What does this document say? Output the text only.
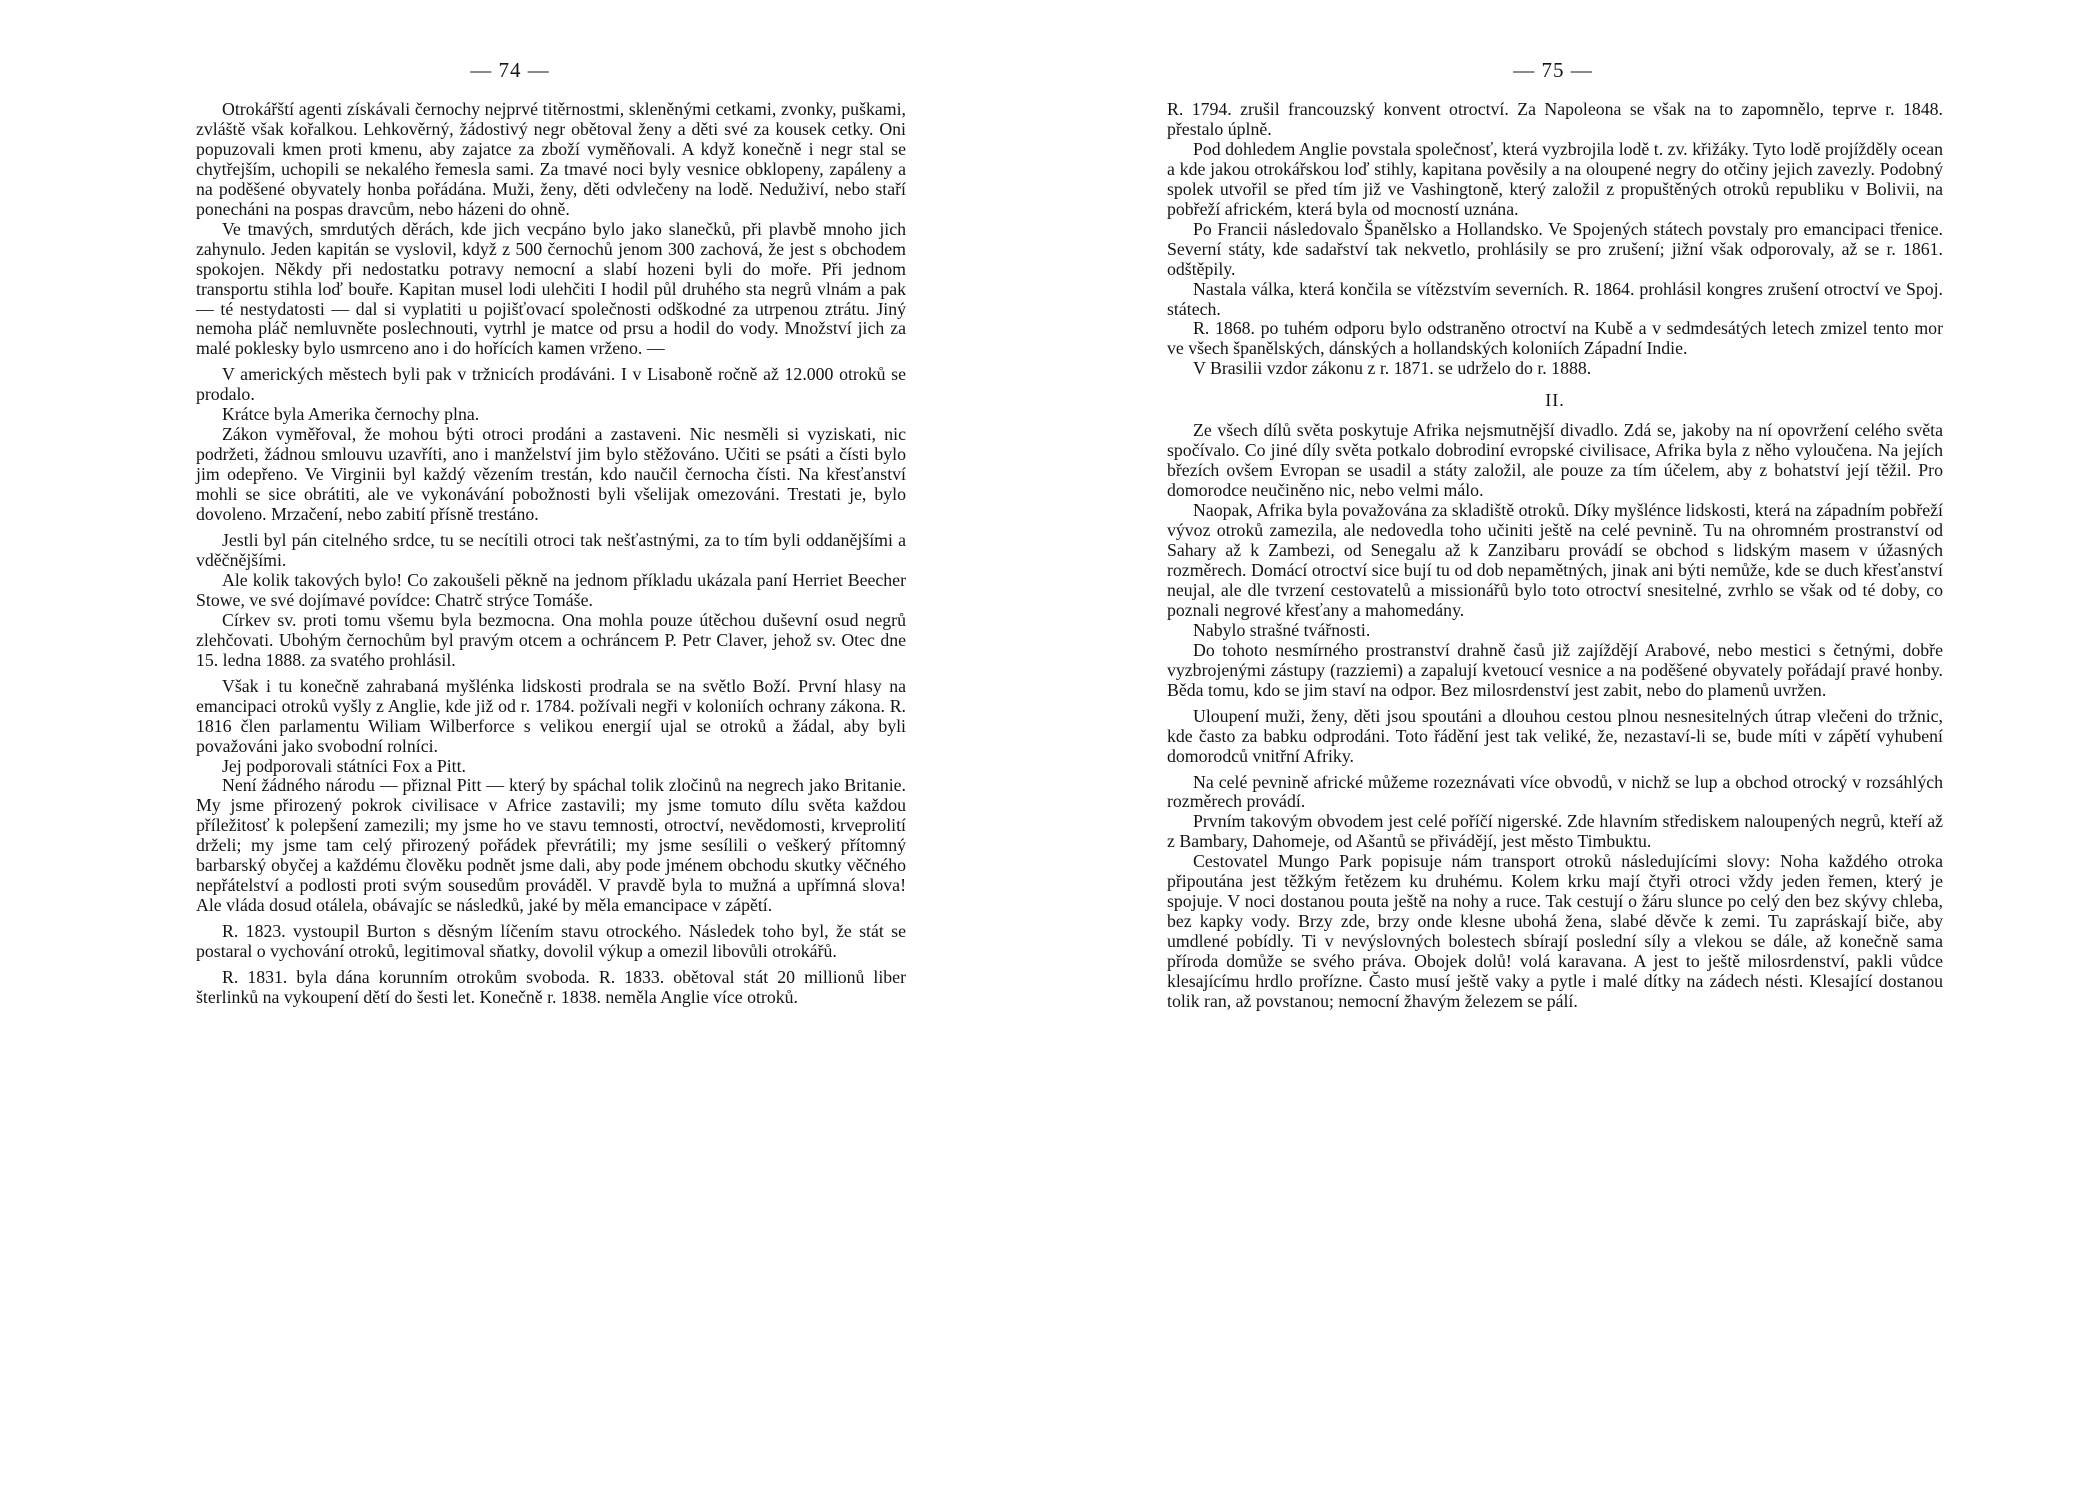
— 74 —

Otrokářští agenti získávali černochy nejprvé titěrnostmi, skleněnými cetkami, zvonky, puškami, zvláště však kořalkou. Lehkověrný, žádostivý negr obětoval ženy a děti své za kousek cetky. Oni popuzovali kmen proti kmenu, aby zajatce za zboží vyměňovali. A když konečně i negr stal se chytřejším, uchopili se nekalého řemesla sami. Za tmavé noci byly vesnice obklopeny, zapáleny a na poděšené obyvately honba pořádána. Muži, ženy, děti odvlečeny na lodě. Neduživí, nebo staří ponecháni na pospas dravcům, nebo házeni do ohně.

Ve tmavých, smrdutých děrách, kde jich vecpáno bylo jako slanečků, při plavbě mnoho jich zahynulo. Jeden kapitán se vyslovil, když z 500 černochů jenom 300 zachová, že jest s obchodem spokojen. Někdy při nedostatku potravy nemocní a slabí hozeni byli do moře. Při jednom transportu stihla loď bouře. Kapitan musel lodi ulehčiti I hodil půl druhého sta negrů vlnám a pak — té nestydatosti — dal si vyplatiti u pojišťovací společnosti odškodné za utrpenou ztrátu. Jiný nemoha pláč nemluvněte poslechnouti, vytrhl je matce od prsu a hodil do vody. Množství jich za malé poklesky bylo usmrceno ano i do hořících kamen vrženo. —

V amerických městech byli pak v tržnicích prodáváni. I v Lisaboně ročně až 12.000 otroků se prodalo.

Krátce byla Amerika černochy plna.

Zákon vyměřoval, že mohou býti otroci prodáni a zastaveni. Nic nesměli si vyziskati, nic podržeti, žádnou smlouvu uzavříti, ano i manželství jim bylo stěžováno. Učiti se psáti a čísti bylo jim odepřeno. Ve Virginii byl každý vězením trestán, kdo naučil černocha čísti. Na křesťanství mohli se sice obrátiti, ale ve vykonávání pobožnosti byli všelijak omezováni. Trestati je, bylo dovoleno. Mrzačení, nebo zabití přísně trestáno.

Jestli byl pán citelného srdce, tu se necítili otroci tak nešťastnými, za to tím byli oddanějšími a vděčnějšími.

Ale kolik takových bylo! Co zakoušeli pěkně na jednom příkladu ukázala paní Herriet Beecher Stowe, ve své dojímavé povídce: Chatrč strýce Tomáše.

Církev sv. proti tomu všemu byla bezmocna. Ona mohla pouze útěchou duševní osud negrů zlehčovati. Ubohým černochům byl pravým otcem a ochráncem P. Petr Claver, jehož sv. Otec dne 15. ledna 1888. za svatého prohlásil.

Však i tu konečně zahrabaná myšlénka lidskosti prodrala se na světlo Boží. První hlasy na emancipaci otroků vyšly z Anglie, kde již od r. 1784. požívali negři v koloniích ochrany zákona. R. 1816 člen parlamentu Wiliam Wilberforce s velikou energií ujal se otroků a žádal, aby byli považováni jako svobodní rolníci.

Jej podporovali státníci Fox a Pitt.

Není žádného národu — přiznal Pitt — který by spáchal tolik zločinů na negrech jako Britanie. My jsme přirozený pokrok civilisace v Africe zastavili; my jsme tomuto dílu světa každou příležitosť k polepšení zamezili; my jsme ho ve stavu temnosti, otroctví, nevědomosti, krveprolití drželi; my jsme tam celý přirozený pořádek převrátili; my jsme sesílili o veškerý přítomný barbarský obyčej a každému člověku podnět jsme dali, aby pode jménem obchodu skutky věčného nepřátelství a podlosti proti svým sousedům prováděl. V pravdě byla to mužná a upřímná slova! Ale vláda dosud otálela, obávajíc se následků, jaké by měla emancipace v zápětí.

R. 1823. vystoupil Burton s děsným líčením stavu otrockého. Následek toho byl, že stát se postaral o vychování otroků, legitimoval sňatky, dovolil výkup a omezil libovůli otrokářů.

R. 1831. byla dána korunním otrokům svoboda. R. 1833. obětoval stát 20 millionů liber šterlinků na vykoupení dětí do šesti let. Konečně r. 1838. neměla Anglie více otroků.

— 75 —

R. 1794. zrušil francouzský konvent otroctví. Za Napoleona se však na to zapomnělo, teprve r. 1848. přestalo úplně.

Pod dohledem Anglie povstala společnosť, která vyzbrojila lodě t. zv. křižáky. Tyto lodě projížděly ocean a kde jakou otrokářskou loď stihly, kapitana pověsily a na oloupené negry do otčiny jejich zavezly. Podobný spolek utvořil se před tím již ve Vashingtoně, který založil z propuštěných otroků republiku v Bolivii, na pobřeží africkém, která byla od mocností uznána.

Po Francii následovalo Španělsko a Hollandsko. Ve Spojených státech povstaly pro emancipaci třenice. Severní státy, kde sadařství tak nekvetlo, prohlásily se pro zrušení; jižní však odporovaly, až se r. 1861. odštěpily.

Nastala válka, která končila se vítězstvím severních. R. 1864. prohlásil kongres zrušení otroctví ve Spoj. státech.

R. 1868. po tuhém odporu bylo odstraněno otroctví na Kubě a v sedmdesátých letech zmizel tento mor ve všech španělských, dánských a hollandských koloniích Západní Indie.

V Brasilii vzdor zákonu z r. 1871. se udrželo do r. 1888.

II.

Ze všech dílů světa poskytuje Afrika nejsmutnější divadlo. Zdá se, jakoby na ní opovržení celého světa spočívalo. Co jiné díly světa potkalo dobrodiní evropské civilisace, Afrika byla z něho vyloučena. Na jejích březích ovšem Evropan se usadil a státy založil, ale pouze za tím účelem, aby z bohatství její těžil. Pro domorodce neučiněno nic, nebo velmi málo.

Naopak, Afrika byla považována za skladiště otroků. Díky myšlénce lidskosti, která na západním pobřeží vývoz otroků zamezila, ale nedovedla toho učiniti ještě na celé pevnině. Tu na ohromném prostranství od Sahary až k Zambezi, od Senegalu až k Zanzibaru provádí se obchod s lidským masem v úžasných rozměrech. Domácí otroctví sice bují tu od dob nepamětných, jinak ani býti nemůže, kde se duch křesťanství neujal, ale dle tvrzení cestovatelů a missionářů bylo toto otroctví snesitelné, zvrhlo se však od té doby, co poznali negrové křesťany a mahomedány.

Nabylo strašné tvářnosti.

Do tohoto nesmírného prostranství drahně časů již zajíždějí Arabové, nebo mestici s četnými, dobře vyzbrojenými zástupy (razziemi) a zapalují kvetoucí vesnice a na poděšené obyvately pořádají pravé honby. Běda tomu, kdo se jim staví na odpor. Bez milosrdenství jest zabit, nebo do plamenů uvržen.

Uloupení muži, ženy, děti jsou spoutáni a dlouhou cestou plnou nesnesitelných útrap vlečeni do tržnic, kde často za babku odprodáni. Toto řádění jest tak veliké, že, nezastaví-li se, bude míti v zápětí vyhubení domorodců vnitřní Afriky.

Na celé pevnině africké můžeme rozeznávati více obvodů, v nichž se lup a obchod otrocký v rozsáhlých rozměrech provádí.

Prvním takovým obvodem jest celé poříčí nigerské. Zde hlavním střediskem naloupených negrů, kteří až z Bambary, Dahomeje, od Ašantů se přivádějí, jest město Timbuktu.

Cestovatel Mungo Park popisuje nám transport otroků následujícími slovy: Noha každého otroka připoutána jest těžkým řetězem ku druhému. Kolem krku mají čtyři otroci vždy jeden řemen, který je spojuje. V noci dostanou pouta ještě na nohy a ruce. Tak cestují o žáru slunce po celý den bez skývy chleba, bez kapky vody. Brzy zde, brzy onde klesne ubohá žena, slabé děvče k zemi. Tu zapráskají biče, aby umdlené pobídly. Ti v nevýslovných bolestech sbírají poslední síly a vlekou se dále, až konečně sama příroda domůže se svého práva. Obojek dolů! volá karavana. A jest to ještě milosrdenství, pakli vůdce klesajícímu hrdlo prořízne. Často musí ještě vaky a pytle i malé dítky na zádech nésti. Klesající dostanou tolik ran, až povstanou; nemocní žhavým železem se pálí.
